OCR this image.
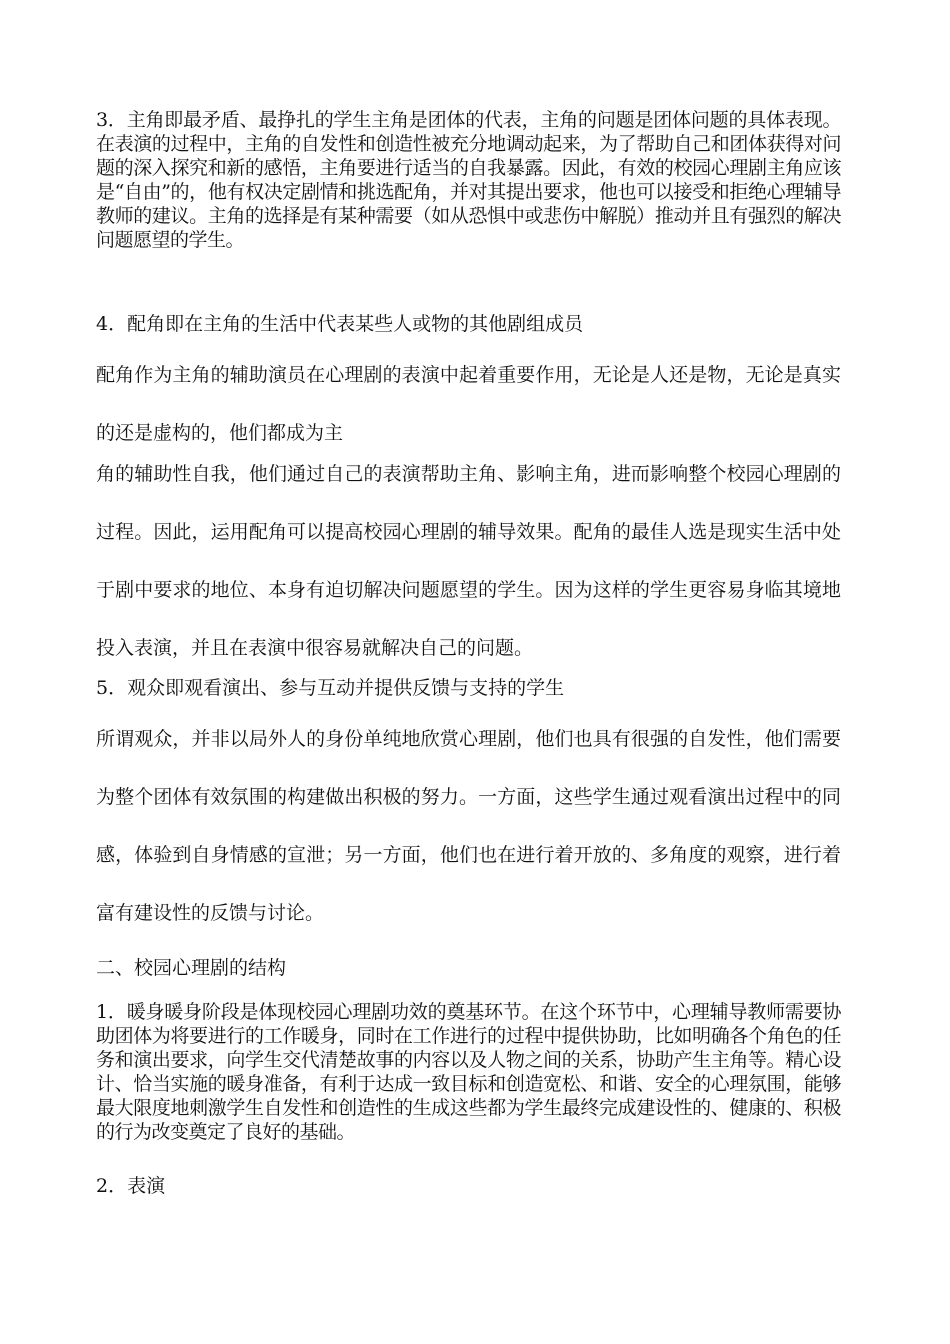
3．主角即最矛盾、最挣扎的学生主角是团体的代表，主角的问题是团体问题的具体表现。在表演的过程中，主角的自发性和创造性被充分地调动起来，为了帮助自己和团体获得对问题的深入探究和新的感悟，主角要进行适当的自我暴露。因此，有效的校园心理剧主角应该是“自由”的，他有权决定剧情和挑选配角，并对其提出要求，他也可以接受和拒绝心理辅导教师的建议。主角的选择是有某种需要（如从恐惧中或悲伤中解脱）推动并且有强烈的解决问题愿望的学生。

4．配角即在主角的生活中代表某些人或物的其他剧组成员

配角作为主角的辅助演员在心理剧的表演中起着重要作用，无论是人还是物，无论是真实的还是虚构的，他们都成为主

角的辅助性自我，他们通过自己的表演帮助主角、影响主角，进而影响整个校园心理剧的过程。因此，运用配角可以提高校园心理剧的辅导效果。配角的最佳人选是现实生活中处于剧中要求的地位、本身有迫切解决问题愿望的学生。因为这样的学生更容易身临其境地投入表演，并且在表演中很容易就解决自己的问题。

5．观众即观看演出、参与互动并提供反馈与支持的学生

所谓观众，并非以局外人的身份单纯地欣赏心理剧，他们也具有很强的自发性，他们需要为整个团体有效氛围的构建做出积极的努力。一方面，这些学生通过观看演出过程中的同感，体验到自身情感的宣泄；另一方面，他们也在进行着开放的、多角度的观察，进行着富有建设性的反馈与讨论。

二、校园心理剧的结构

1．暖身暖身阶段是体现校园心理剧功效的奠基环节。在这个环节中，心理辅导教师需要协助团体为将要进行的工作暖身，同时在工作进行的过程中提供协助，比如明确各个角色的任务和演出要求，向学生交代清楚故事的内容以及人物之间的关系，协助产生主角等。精心设计、恰当实施的暖身准备，有利于达成一致目标和创造宽松、和谐、安全的心理氛围，能够最大限度地刺激学生自发性和创造性的生成这些都为学生最终完成建设性的、健康的、积极的行为改变奠定了良好的基础。

2．表演
